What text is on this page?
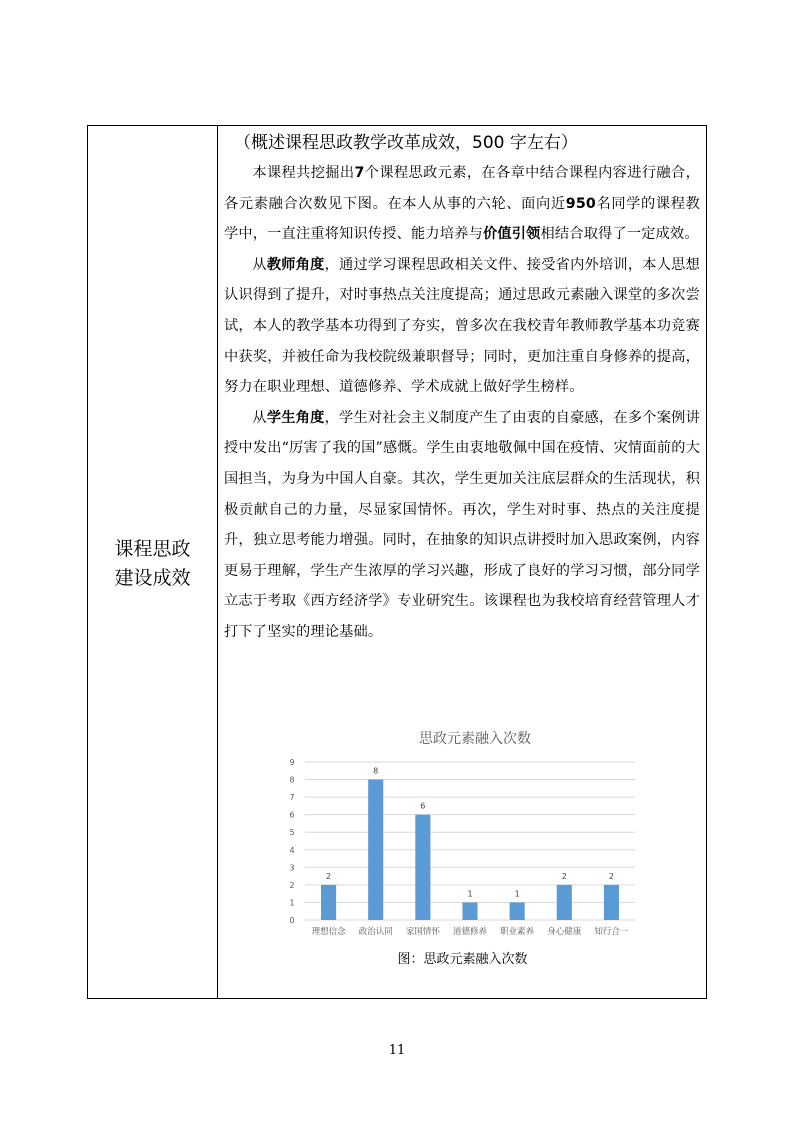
课程思政
建设成效

（概述课程思政教学改革成效，500 字左右）

本课程共挖掘出7个课程思政元素，在各章中结合课程内容进行融合，各元素融合次数见下图。在本人从事的六轮、面向近950名同学的课程教学中，一直注重将知识传授、能力培养与价值引领相结合取得了一定成效。

从教师角度，通过学习课程思政相关文件、接受省内外培训，本人思想认识得到了提升，对时事热点关注度提高；通过思政元素融入课堂的多次尝试，本人的教学基本功得到了夯实，曾多次在我校青年教师教学基本功竞赛中获奖，并被任命为我校院级兼职督导；同时，更加注重自身修养的提高，努力在职业理想、道德修养、学术成就上做好学生榜样。

从学生角度，学生对社会主义制度产生了由衷的自豪感，在多个案例讲授中发出“厉害了我的国”感慨。学生由衷地敬佩中国在疫情、灾情面前的大国担当，为身为中国人自豪。其次，学生更加关注底层群众的生活现状，积极贡献自己的力量，尽显家国情怀。再次，学生对时事、热点的关注度提升，独立思考能力增强。同时，在抽象的知识点讲授时加入思政案例，内容更易于理解，学生产生浓厚的学习兴趣，形成了良好的学习习惯，部分同学立志于考取《西方经济学》专业研究生。该课程也为我校培育经营管理人才打下了坚实的理论基础。

思政元素融入次数
0
1
2
3
4
5
6
7
8
9
2
8
6
1	1
2	2
理想信念 政治认同 家国情怀 道德修养 职业素养 身心健康 知行合一
图：思政元素融入次数
11
